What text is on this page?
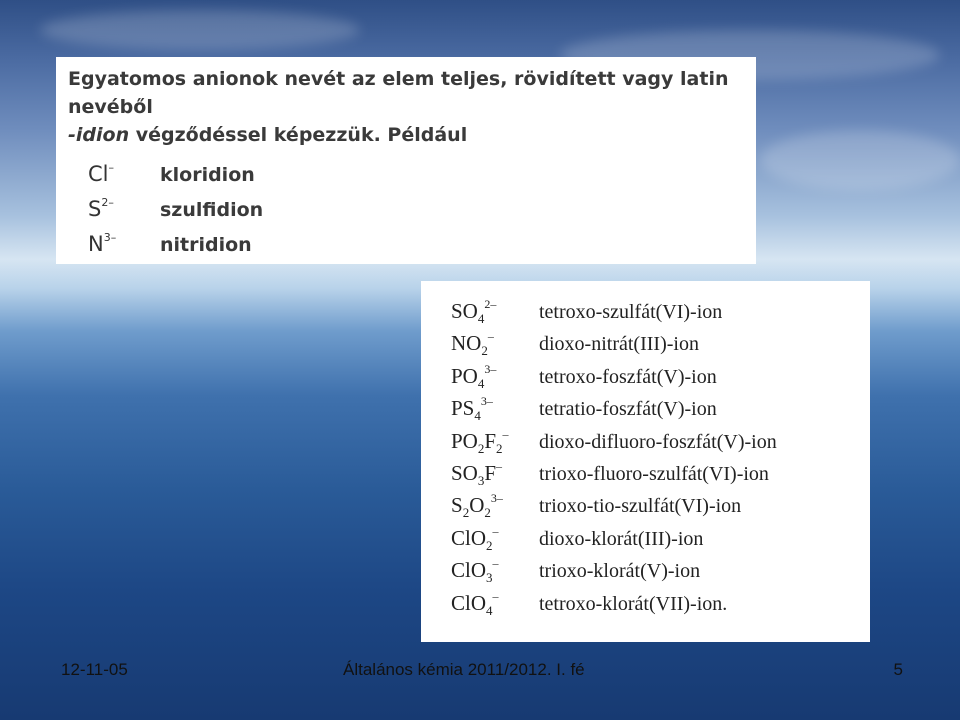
Egyatomos anionok nevét az elem teljes, rövidített vagy latin nevéből
-idion végződéssel képezzük. Például

Cl–	kloridion
$S^{2-}$	szulfidion
$N^{3-}$	nitridion
$SO_4^{2-}$	tetroxo-szulfát(VI)-ion
$NO_2^-$	dioxo-nitrát(III)-ion
$PO_4^{3-}$	tetroxo-foszfát(V)-ion
$PS_4^{3-}$	tetratio-foszfát(V)-ion
$PO_2F_2^-$	dioxo-difluoro-foszfát(V)-ion
$SO_3F^-$	trioxo-fluoro-szulfát(VI)-ion
$S_2O_2^{3-}$	trioxo-tio-szulfát(VI)-ion
ClO$_2$–	dioxo-klorát(III)-ion
ClO$_3$–	trioxo-klorát(V)-ion
ClO$_4$–	tetroxo-klorát(VII)-ion.
12-11-05	Általános kémia 2011/2012. I. fé	5
